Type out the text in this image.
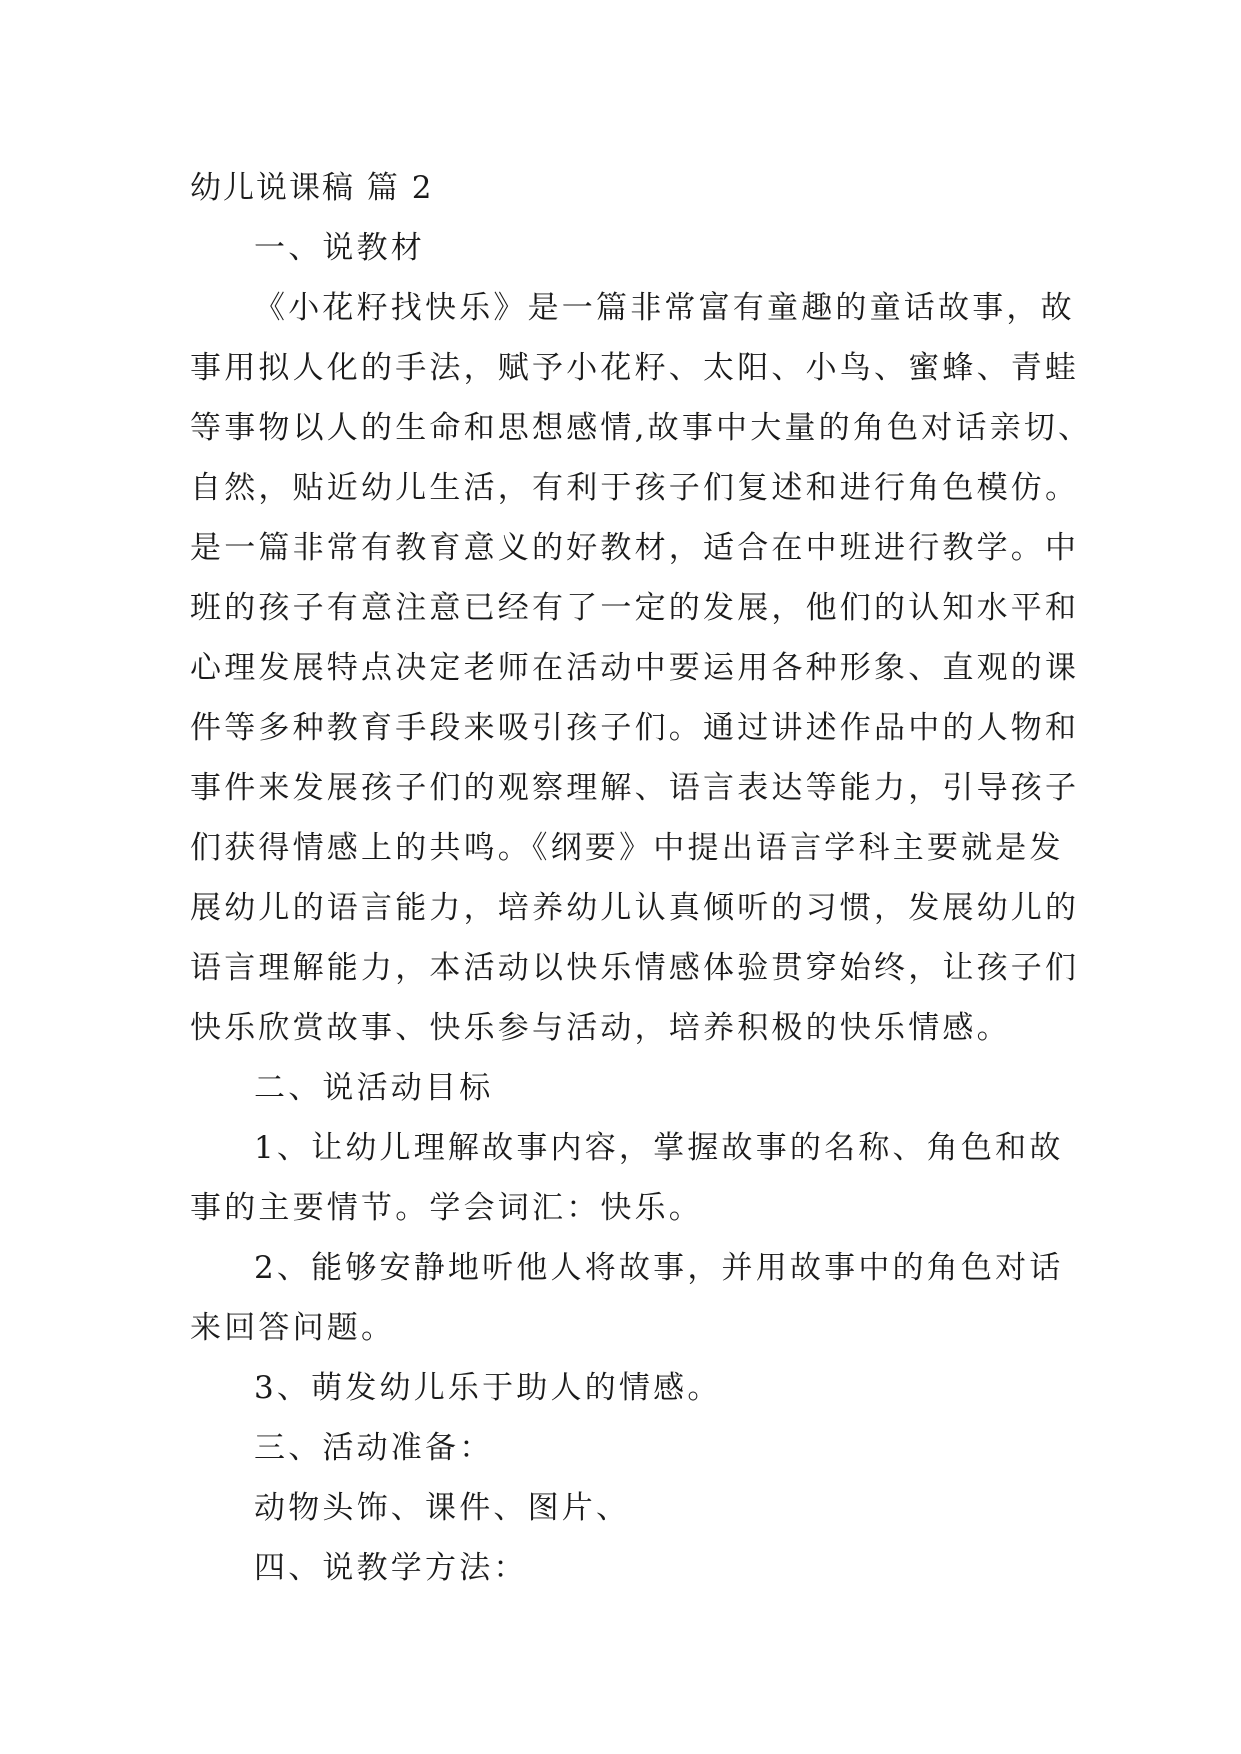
幼儿说课稿 篇 2
一、说教材
《小花籽找快乐》是一篇非常富有童趣的童话故事，故
事用拟人化的手法，赋予小花籽、太阳、小鸟、蜜蜂、青蛙
等事物以人的生命和思想感情,故事中大量的角色对话亲切、
自然，贴近幼儿生活，有利于孩子们复述和进行角色模仿。
是一篇非常有教育意义的好教材，适合在中班进行教学。中
班的孩子有意注意已经有了一定的发展，他们的认知水平和
心理发展特点决定老师在活动中要运用各种形象、直观的课
件等多种教育手段来吸引孩子们。通过讲述作品中的人物和
事件来发展孩子们的观察理解、语言表达等能力，引导孩子
们获得情感上的共鸣。《纲要》中提出语言学科主要就是发
展幼儿的语言能力，培养幼儿认真倾听的习惯，发展幼儿的
语言理解能力，本活动以快乐情感体验贯穿始终，让孩子们
快乐欣赏故事、快乐参与活动，培养积极的快乐情感。
二、说活动目标
1、让幼儿理解故事内容，掌握故事的名称、角色和故
事的主要情节。学会词汇：快乐。
2、能够安静地听他人将故事，并用故事中的角色对话
来回答问题。
3、萌发幼儿乐于助人的情感。
三、活动准备：
动物头饰、课件、图片、
四、说教学方法：
